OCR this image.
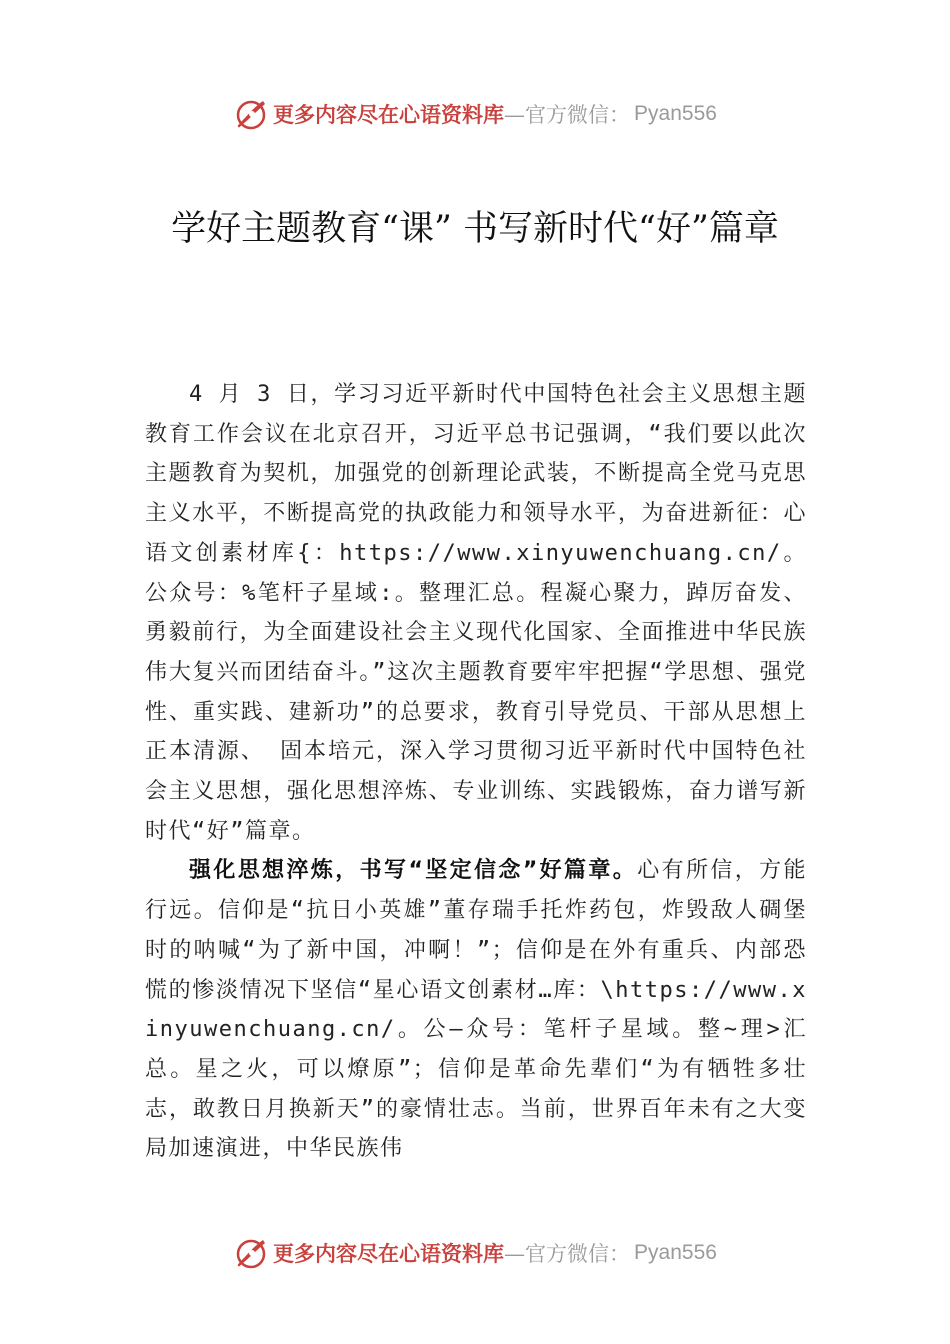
更多内容尽在心语资料库 —官方微信： Pyan556
学好主题教育“课” 书写新时代“好”篇章

4 月 3 日，学习习近平新时代中国特色社会主义思想主题教育工作会议在北京召开，习近平总书记强调，“我们要以此次主题教育为契机，加强党的创新理论武装，不断提高全党马克思主义水平，不断提高党的执政能力和领导水平，为奋进新征：心语文创素材库{：https://www.xinyuwenchuang.cn/。公众号：%笔杆子星域:。整理汇总。程凝心聚力，踔厉奋发、勇毅前行，为全面建设社会主义现代化国家、全面推进中华民族伟大复兴而团结奋斗。”这次主题教育要牢牢把握“学思想、强党性、重实践、建新功”的总要求，教育引导党员、干部从思想上正本清源、 固本培元，深入学习贯彻习近平新时代中国特色社会主义思想，强化思想淬炼、专业训练、实践锻炼，奋力谱写新时代“好”篇章。

强化思想淬炼，书写“坚定信念”好篇章。心有所信，方能行远。信仰是“抗日小英雄”董存瑞手托炸药包，炸毁敌人碉堡时的呐喊“为了新中国，冲啊！”；信仰是在外有重兵、内部恐慌的惨淡情况下坚信“星心语文创素材…库：\https://www.xinyuwenchuang.cn/。公—众号：笔杆子星域。整~理>汇总。星之火，可以燎原”；信仰是革命先辈们“为有牺牲多壮志，敢教日月换新天”的豪情壮志。当前，世界百年未有之大变局加速演进，中华民族伟

更多内容尽在心语资料库 —官方微信： Pyan556
